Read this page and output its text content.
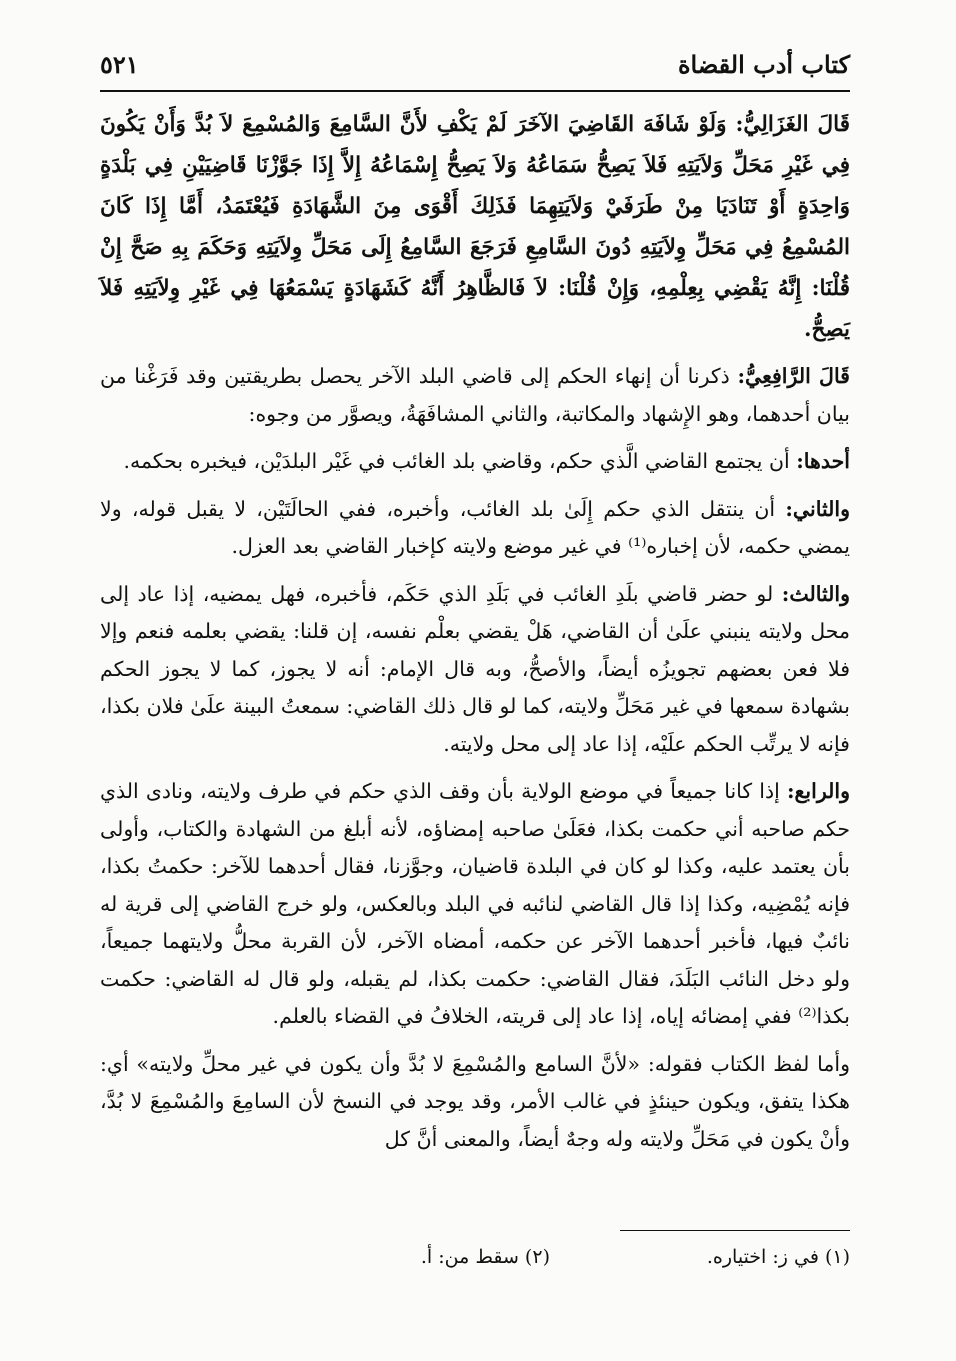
كتاب أدب القضاة
٥٢١

قَالَ الغَزَالِيُّ: وَلَوْ شَافَهَ القَاضِيَ الآخَرَ لَمْ يَكْفِ لأَنَّ السَّامِعَ وَالمُسْمِعَ لاَ بُدَّ وَأَنْ يَكُونَ فِي غَيْرِ مَحَلِّ وَلاَيَتِهِ فَلاَ يَصِحُّ سَمَاعُهُ وَلاَ يَصِحُّ إِسْمَاعُهُ إِلاَّ إِذَا جَوَّزْنَا قَاضِيَيْنِ فِي بَلْدَةٍ وَاحِدَةٍ أَوْ تَنَادَيَا مِنْ طَرَفَيْ وَلاَيَتِهِمَا فَذَلِكَ أَقْوَى مِنَ الشَّهَادَةِ فَيُعْتَمَدُ، أَمَّا إِذَا كَانَ المُسْمِعُ فِي مَحَلِّ وِلاَيَتِهِ دُونَ السَّامِعِ فَرَجَعَ السَّامِعُ إِلَى مَحَلِّ وِلاَيَتِهِ وَحَكَمَ بِهِ صَحَّ إِنْ قُلْنَا: إِنَّهُ يَقْضِي بِعِلْمِهِ، وَإِنْ قُلْنَا: لاَ فَالظَّاهِرُ أَنَّهُ كَشَهَادَةٍ يَسْمَعُهَا فِي غَيْرِ وِلاَيَتِهِ فَلاَ يَصِحُّ.

قَالَ الرَّافِعِيُّ: ذكرنا أن إنهاء الحكم إلى قاضي البلد الآخر يحصل بطريقتين وقد فَرَغْنا من بيان أحدهما، وهو الإِشهاد والمكاتبة، والثاني المشافَهَةُ، ويصوَّر من وجوه:

أحدها: أن يجتمع القاضي الَّذي حكم، وقاضي بلد الغائب في غَيْر البلدَيْن، فيخبره بحكمه.

والثاني: أن ينتقل الذي حكم إِلَىٰ بلد الغائب، وأخبره، ففي الحالَتَيْن، لا يقبل قوله، ولا يمضي حكمه، لأن إخباره⁽¹⁾ في غير موضع ولايته كإخبار القاضي بعد العزل.

والثالث: لو حضر قاضي بلَدِ الغائب في بَلَدِ الذي حَكَم، فأخبره، فهل يمضيه، إذا عاد إلى محل ولايته ينبني علَىٰ أن القاضي، هَلْ يقضي بعلْم نفسه، إن قلنا: يقضي بعلمه فنعم وإلا فلا فعن بعضهم تجويزُه أيضاً، والأصحُّ، وبه قال الإمام: أنه لا يجوز، كما لا يجوز الحكم بشهادة سمعها في غير مَحَلِّ ولايته، كما لو قال ذلك القاضي: سمعتُ البينة علَىٰ فلان بكذا، فإنه لا يرتِّب الحكم علَيْه، إذا عاد إلى محل ولايته.

والرابع: إذا كانا جميعاً في موضع الولاية بأن وقف الذي حكم في طرف ولايته، ونادى الذي حكم صاحبه أني حكمت بكذا، فعَلَىٰ صاحبه إمضاؤه، لأنه أبلغ من الشهادة والكتاب، وأولى بأن يعتمد عليه، وكذا لو كان في البلدة قاضيان، وجوَّزنا، فقال أحدهما للآخر: حكمتُ بكذا، فإنه يُمْضِيه، وكذا إذا قال القاضي لنائبه في البلد وبالعكس، ولو خرج القاضي إلى قرية له نائبٌ فيها، فأخبر أحدهما الآخر عن حكمه، أمضاه الآخر، لأن القربة محلُّ ولايتهما جميعاً، ولو دخل النائب البَلَدَ، فقال القاضي: حكمت بكذا، لم يقبله، ولو قال له القاضي: حكمت بكذا⁽²⁾ ففي إمضائه إياه، إذا عاد إلى قريته، الخلافُ في القضاء بالعلم.

وأما لفظ الكتاب فقوله: «لأنَّ السامع والمُسْمِعَ لا بُدَّ وأن يكون في غير محلِّ ولايته» أي: هكذا يتفق، ويكون حينئذٍ في غالب الأمر، وقد يوجد في النسخ لأن السامِعَ والمُسْمِعَ لا بُدَّ، وأنْ يكون في مَحَلِّ ولايته وله وجهٌ أيضاً، والمعنى أنَّ كل

(١) في ز: اختياره.
(٢) سقط من: أ.
